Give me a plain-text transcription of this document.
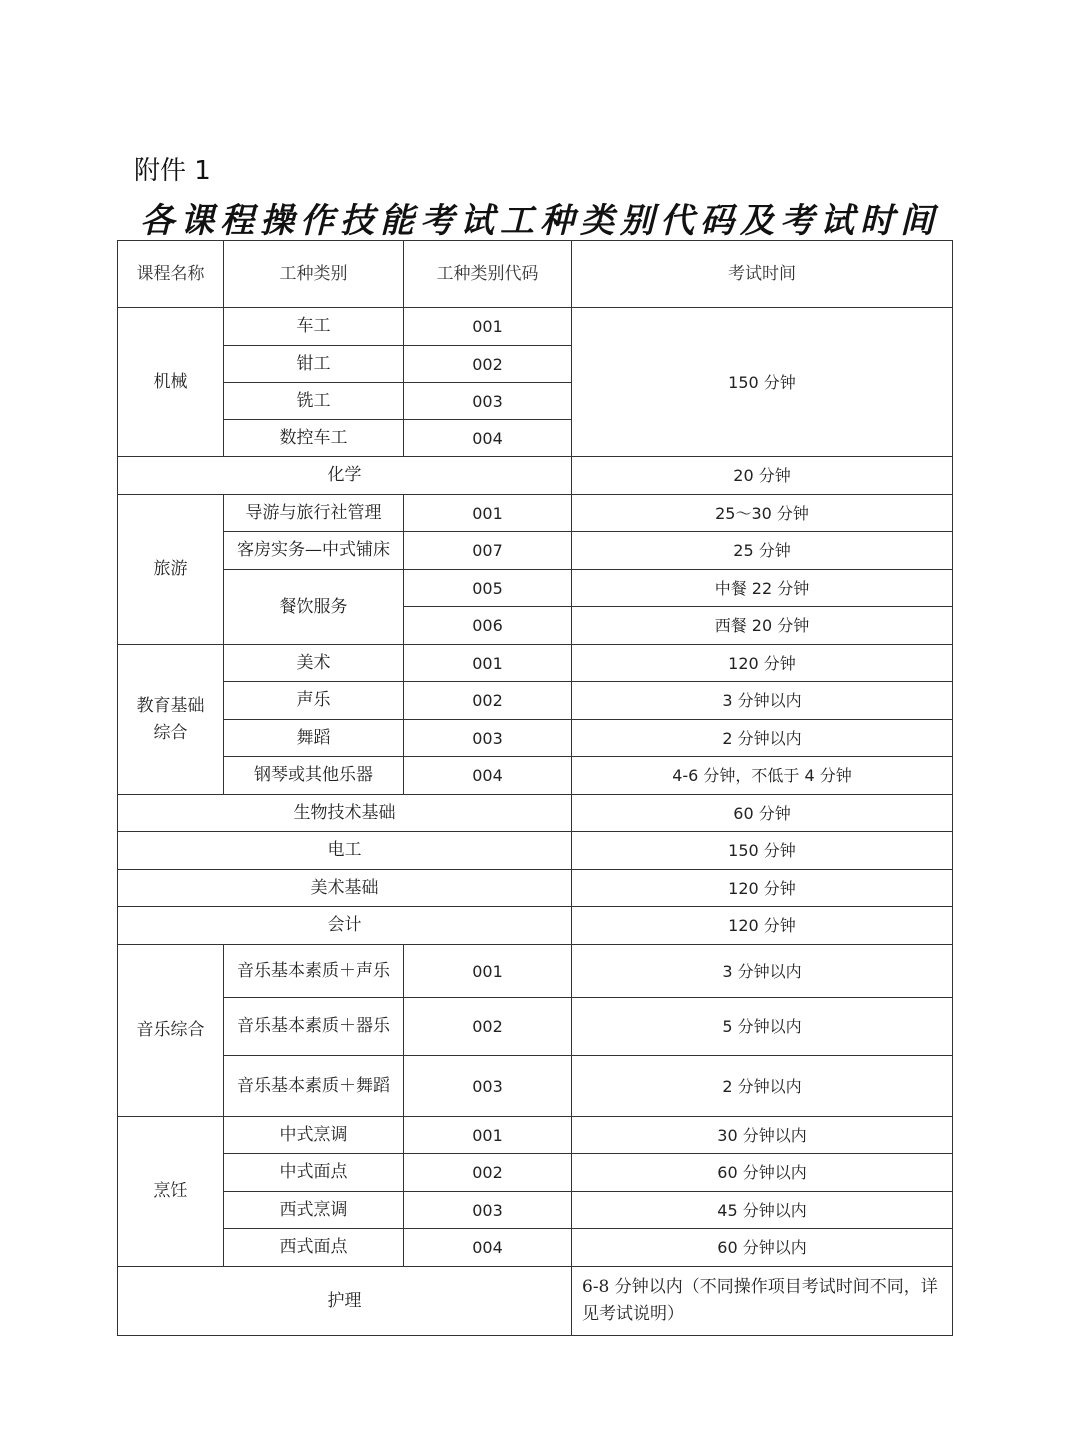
附件 1
各课程操作技能考试工种类别代码及考试时间
课程名称	工种类别	工种类别代码	考试时间
机械	车工	001	150 分钟
	钳工	002	
	铣工	003	
	数控车工	004	
化学			20 分钟
旅游	导游与旅行社管理	001	25～30 分钟

	客房实务—中式铺床	007	25 分钟
	餐饮服务	005	中餐 22 分钟
		006	西餐 20 分钟

教育基础综合	美术	001	120 分钟
	声乐	002	3 分钟以内
	舞蹈	003	2 分钟以内
	钢琴或其他乐器	004	4-6 分钟，不低于 4 分钟
生物技术基础			60 分钟
电工			150 分钟
美术基础			120 分钟
会计			120 分钟
音乐综合	音乐基本素质＋声乐	001	3 分钟以内

	音乐基本素质＋器乐	002	5 分钟以内

	音乐基本素质＋舞蹈	003	2 分钟以内
烹饪	中式烹调	001	30 分钟以内
	中式面点	002	60 分钟以内
	西式烹调	003	45 分钟以内
	西式面点	004	60 分钟以内
护理			6-8 分钟以内（不同操作项目考试时间不同，详见考试说明）
